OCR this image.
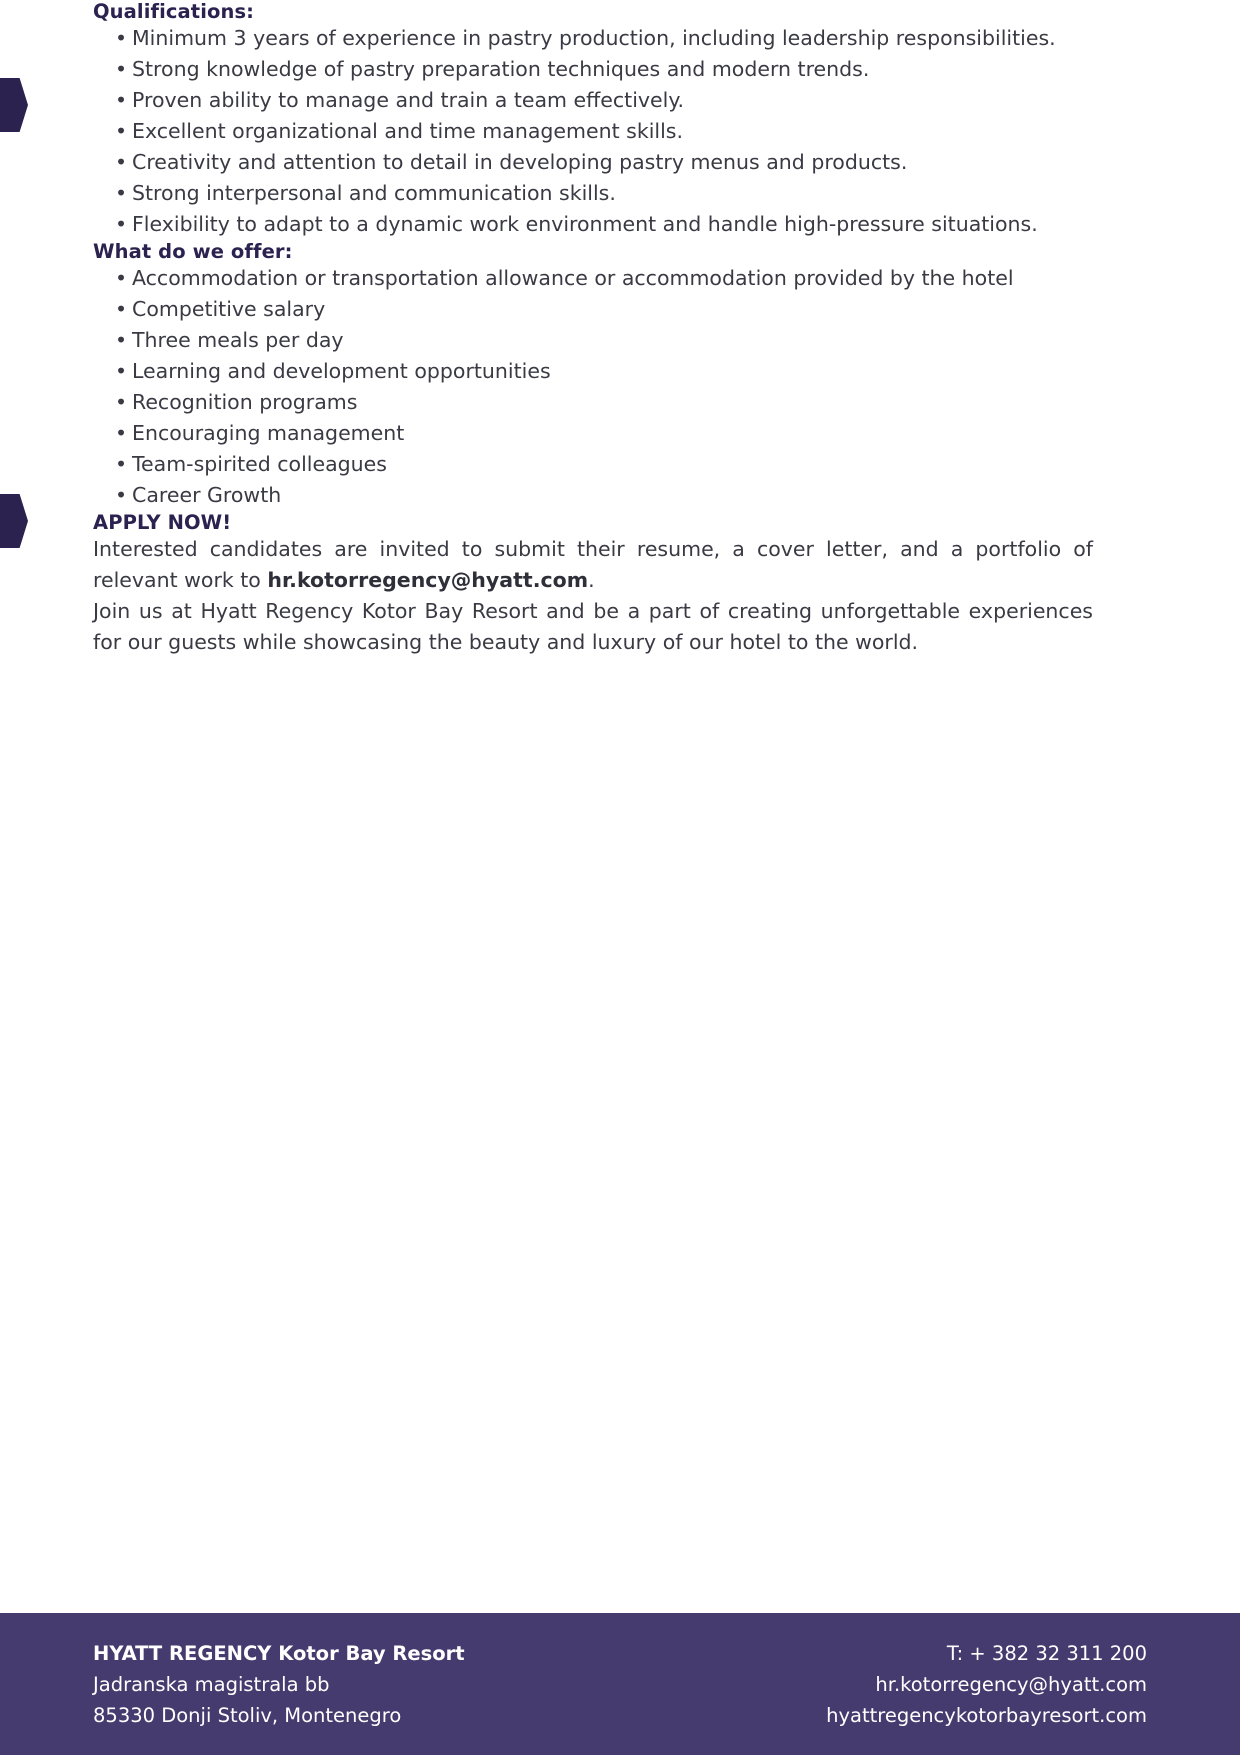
Qualifications:
• Minimum 3 years of experience in pastry production, including leadership responsibilities.
• Strong knowledge of pastry preparation techniques and modern trends.
• Proven ability to manage and train a team effectively.
• Excellent organizational and time management skills.
• Creativity and attention to detail in developing pastry menus and products.
• Strong interpersonal and communication skills.
• Flexibility to adapt to a dynamic work environment and handle high-pressure situations.
What do we offer:
• Accommodation or transportation allowance or accommodation provided by the hotel
• Competitive salary
• Three meals per day
• Learning and development opportunities
• Recognition programs
• Encouraging management
• Team-spirited colleagues
• Career Growth
APPLY NOW!

Interested candidates are invited to submit their resume, a cover letter, and a portfolio of relevant work to hr.kotorregency@hyatt.com.

Join us at Hyatt Regency Kotor Bay Resort and be a part of creating unforgettable experiences for our guests while showcasing the beauty and luxury of our hotel to the world.

HYATT REGENCY Kotor Bay Resort
Jadranska magistrala bb
85330 Donji Stoliv, Montenegro
T: + 382 32 311 200
hr.kotorregency@hyatt.com
hyattregencykotorbayresort.com
